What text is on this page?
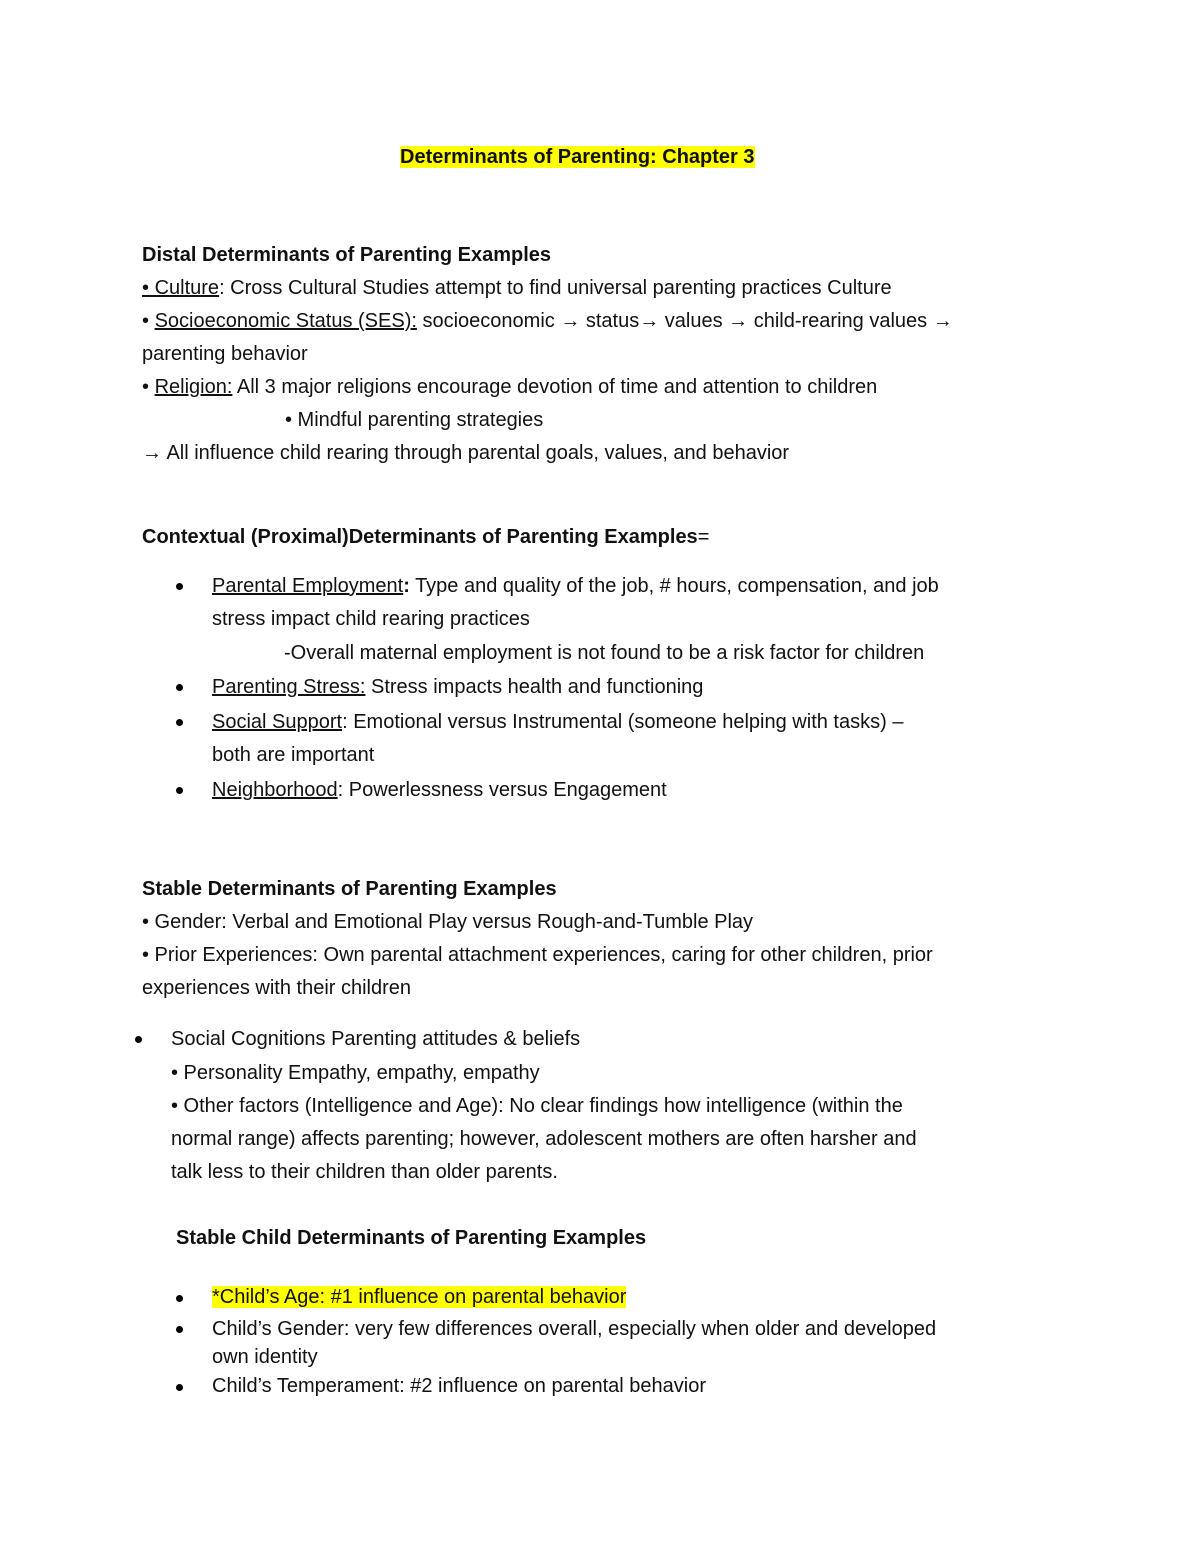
Determinants of Parenting: Chapter 3
Distal Determinants of Parenting Examples
• Culture: Cross Cultural Studies attempt to find universal parenting practices Culture
• Socioeconomic Status (SES): socioeconomic → status→ values → child-rearing values →
parenting behavior
• Religion: All 3 major religions encourage devotion of time and attention to children
• Mindful parenting strategies
→ All influence child rearing through parental goals, values, and behavior
Contextual (Proximal)Determinants of Parenting Examples=
Parental Employment: Type and quality of the job, # hours, compensation, and job
stress impact child rearing practices
-Overall maternal employment is not found to be a risk factor for children
Parenting Stress: Stress impacts health and functioning
Social Support: Emotional versus Instrumental (someone helping with tasks) –
both are important
Neighborhood: Powerlessness versus Engagement
Stable Determinants of Parenting Examples
• Gender: Verbal and Emotional Play versus Rough-and-Tumble Play
• Prior Experiences: Own parental attachment experiences, caring for other children, prior
experiences with their children
Social Cognitions Parenting attitudes & beliefs
• Personality Empathy, empathy, empathy
• Other factors (Intelligence and Age): No clear findings how intelligence (within the
normal range) affects parenting; however, adolescent mothers are often harsher and
talk less to their children than older parents.
Stable Child Determinants of Parenting Examples
*Child’s Age: #1 influence on parental behavior
Child’s Gender: very few differences overall, especially when older and developed
own identity
Child’s Temperament: #2 influence on parental behavior
